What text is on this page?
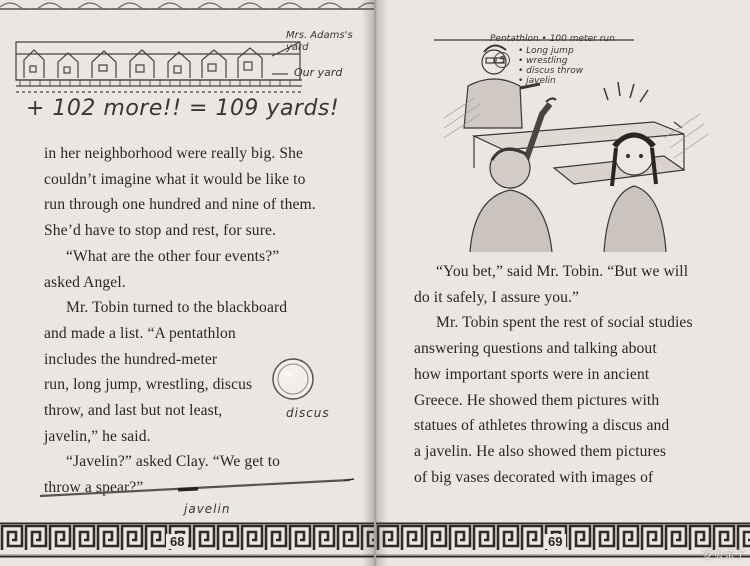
Mrs. Adams's yard
Our yard
+ 102 more!! = 109 yards!

in her neighborhood were really big. She

couldn’t imagine what it would be like to

run through one hundred and nine of them.

She’d have to stop and rest, for sure.

“What are the other four events?”

asked Angel.

Mr. Tobin turned to the blackboard

and made a list. “A pentathlon

includes the hundred-meter

run, long jump, wrestling, discus

throw, and last but not least,

javelin,” he said.

“Javelin?” asked Clay. “We get to

throw a spear?”

discus
javelin
68
Pentathlon • 100 meter run
5
• Long jump
• wrestling
• discus throw
• javelin

“You bet,” said Mr. Tobin. “But we will

do it safely, I assure you.”

Mr. Tobin spent the rest of social studies

answering questions and talking about

how important sports were in ancient

Greece. He showed them pictures with

statues of athletes throwing a discus and

a javelin. He also showed them pictures

of big vases decorated with images of

69
爱贝亲子
